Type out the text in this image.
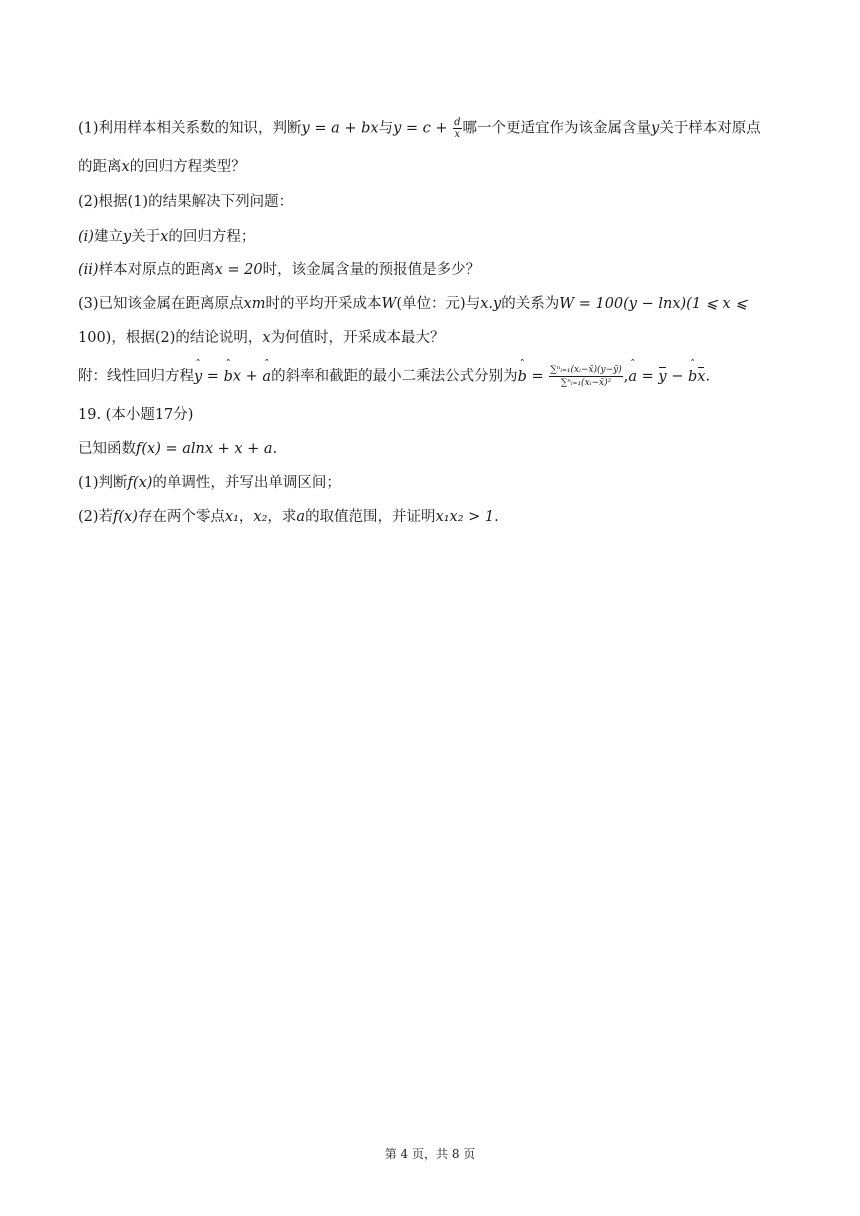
(1)利用样本相关系数的知识，判断y = a + bx与$y = c + \frac{d}{x}$ 哪一个更适宜作为该金属含量y关于样本对原点
的距离x的回归方程类型？
(2)根据(1)的结果解决下列问题：
(i)建立y关于x的回归方程；
(ii)样本对原点的距离x = 20时，该金属含量的预报值是多少？
(3)已知该金属在距离原点xm时的平均开采成本W(单位：元)与x.y的关系为W = 100(y − lnx)(1 ⩽ x ⩽
100)，根据(2)的结论说明，x为何值时，开采成本最大？
附：线性回归方程ˆ y = ˆ bx + ˆ a的斜率和截距的最小二乘法公式分别为ˆ $b = \frac{\text{∑ⁿᵢ₌₁(xᵢ−x̄)(y−ȳ)}}{\text{∑ⁿᵢ₌₁(xᵢ−x̄)²}}$ ,ˆ a = y − ˆ bx.
19. (本小题17分)
已知函数f(x) = alnx + x + a.
(1)判断f(x)的单调性，并写出单调区间；
(2)若f(x)存在两个零点x₁，x₂，求a的取值范围，并证明x₁x₂ > 1.
第 4 页，共 8 页
